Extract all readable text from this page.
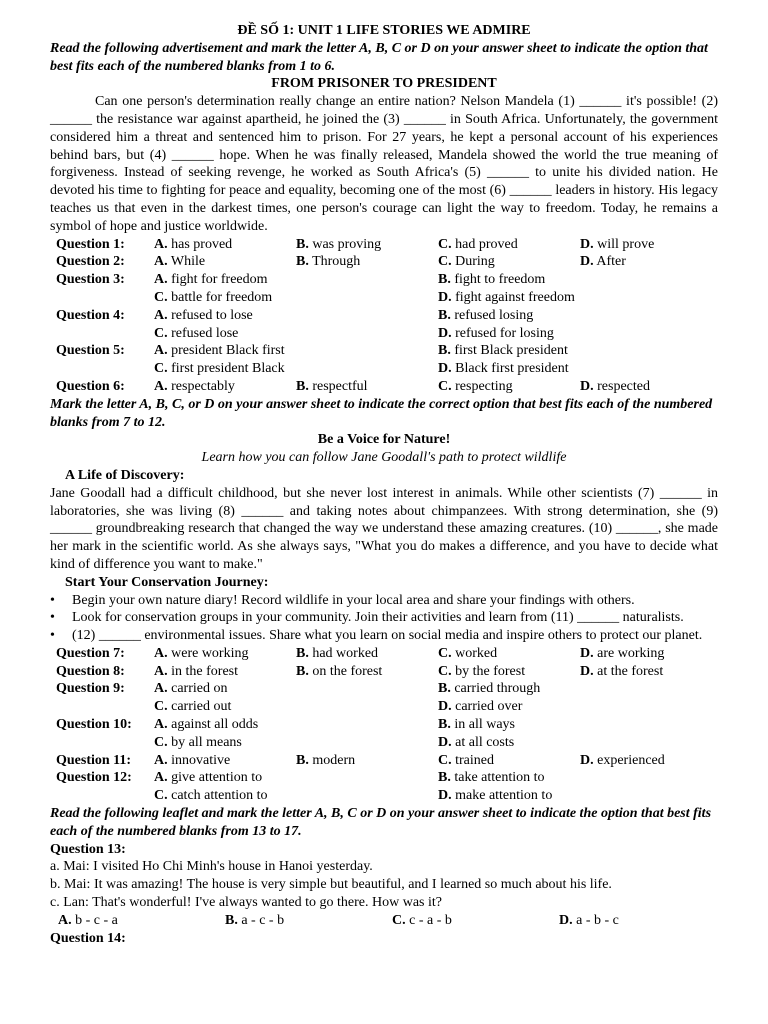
ĐỀ SỐ 1: UNIT 1 LIFE STORIES WE ADMIRE

Read the following advertisement and mark the letter A, B, C or D on your answer sheet to indicate the option that best fits each of the numbered blanks from 1 to 6.

FROM PRISONER TO PRESIDENT

Can one person's determination really change an entire nation? Nelson Mandela (1) ______ it's possible! (2) ______ the resistance war against apartheid, he joined the (3) ______ in South Africa. Unfortunately, the government considered him a threat and sentenced him to prison. For 27 years, he kept a personal account of his experiences behind bars, but (4) ______ hope. When he was finally released, Mandela showed the world the true meaning of forgiveness. Instead of seeking revenge, he worked as South Africa's (5) ______ to unite his divided nation. He devoted his time to fighting for peace and equality, becoming one of the most (6) ______ leaders in history. His legacy teaches us that even in the darkest times, one person's courage can light the way to freedom. Today, he remains a symbol of hope and justice worldwide.

Question 1:	A. has proved	B. was proving	C. had proved	D. will prove
Question 2:	A. While	B. Through	C. During	D. After
Question 3:	A. fight for freedom		B. fight to freedom	
	C. battle for freedom		D. fight against freedom	
Question 4:	A. refused to lose		B. refused losing	
	C. refused lose		D. refused for losing	
Question 5:	A. president Black first		B. first Black president	
	C. first president Black		D. Black first president	
Question 6:	A. respectably	B. respectful	C. respecting	D. respected

Mark the letter A, B, C, or D on your answer sheet to indicate the correct option that best fits each of the numbered blanks from 7 to 12.

Be a Voice for Nature!

Learn how you can follow Jane Goodall's path to protect wildlife

A Life of Discovery:

Jane Goodall had a difficult childhood, but she never lost interest in animals. While other scientists (7) ______ in laboratories, she was living (8) ______ and taking notes about chimpanzees. With strong determination, she (9) ______ groundbreaking research that changed the way we understand these amazing creatures. (10) ______, she made her mark in the scientific world. As she always says, "What you do makes a difference, and you have to decide what kind of difference you want to make."

Start Your Conservation Journey:

• Begin your own nature diary! Record wildlife in your local area and share your findings with others.
• Look for conservation groups in your community. Join their activities and learn from (11) ______ naturalists.
• (12) ______ environmental issues. Share what you learn on social media and inspire others to protect our planet.
Question 7:	A. were working	B. had worked	C. worked	D. are working
Question 8:	A. in the forest	B. on the forest	C. by the forest	D. at the forest
Question 9:	A. carried on		B. carried through	
	C. carried out		D. carried over	
Question 10:	A. against all odds		B. in all ways	
	C. by all means		D. at all costs	
Question 11:	A. innovative	B. modern	C. trained	D. experienced
Question 12:	A. give attention to		B. take attention to	
	C. catch attention to		D. make attention to	

Read the following leaflet and mark the letter A, B, C or D on your answer sheet to indicate the option that best fits each of the numbered blanks from 13 to 17.

Question 13:

a. Mai: I visited Ho Chi Minh's house in Hanoi yesterday.

b. Mai: It was amazing! The house is very simple but beautiful, and I learned so much about his life.

c. Lan: That's wonderful! I've always wanted to go there. How was it?

A. b - c - a	B. a - c - b	C. c - a - b	D. a - b - c

Question 14:
